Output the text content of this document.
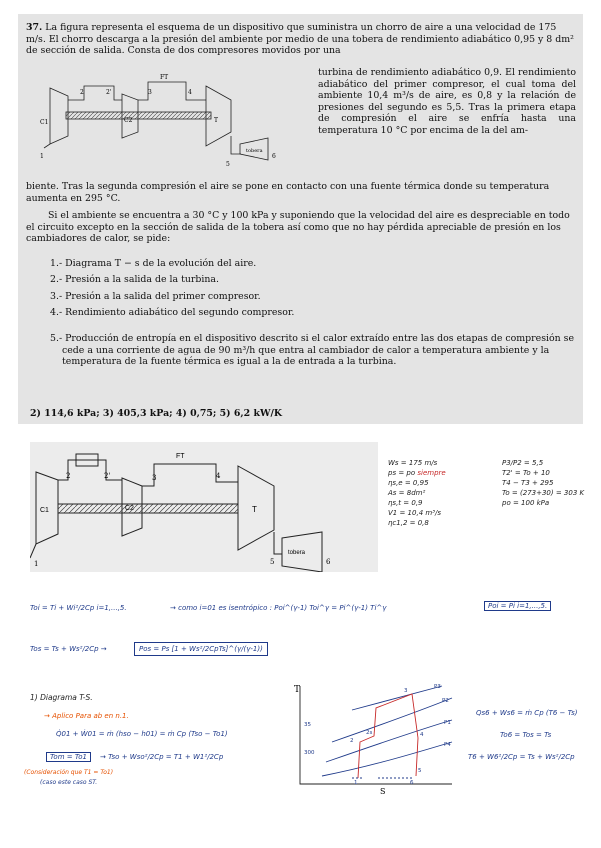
37. La figura representa el esquema de un dispositivo que suministra un chorro de aire a una velocidad de 175 m/s. El chorro descarga a la presión del ambiente por medio de una tobera de rendimiento adiabático 0,95 y 8 dm² de sección de salida. Consta de dos compresores movidos por una
C1	C2	T
FT
tobera
1
2	2'	3	4
5
6
turbina de rendimiento adiabático 0,9. El rendimiento adiabático del primer compresor, el cual toma del ambiente 10,4 m³/s de aire, es 0,8 y la relación de presiones del segundo es 5,5. Tras la primera etapa de compresión el aire se enfría hasta una temperatura 10 °C por encima de la del am-
biente. Tras la segunda compresión el aire se pone en contacto con una fuente térmica donde su temperatura aumenta en 295 °C.
Si el ambiente se encuentra a 30 °C y 100 kPa y suponiendo que la velocidad del aire es despreciable en todo el circuito excepto en la sección de salida de la tobera así como que no hay pérdida apreciable de presión en los cambiadores de calor, se pide:
1.- Diagrama T − s de la evolución del aire.
2.- Presión a la salida de la turbina.
3.- Presión a la salida del primer compresor.
4.- Rendimiento adiabático del segundo compresor.
5.- Producción de entropía en el dispositivo descrito si el calor extraído entre las dos etapas de compresión se cede a una corriente de agua de 90 m³/h que entra al cambiador de calor a temperatura ambiente y la temperatura de la fuente térmica es igual a la de entrada a la turbina.
2) 114,6 kPa; 3) 405,3 kPa; 4) 0,75; 5) 6,2 kW/K
C1	C2	T
FT
tobera
1
2	2'	3	4
5	6
Ws = 175 m/s
ps = po siempre
ηs,e = 0,95
As = 8dm²
ηs,t = 0,9
V1 = 10,4 m³/s
ηc1,2 = 0,8
P3/P2 = 5,5
T2' = To + 10
T4 − T3 + 295
To = (273+30) = 303 K
po = 100 kPa
Toi = Ti + Wi²/2Cp i=1,...,5.	→ como i=01 es isentrópico : Poi^(γ-1) Toi^γ = Pi^(γ-1) Ti^γ	Poi = Pi i=1,...,5.
Tos = Ts + Ws²/2Cp →	Pos = Ps [1 + Ws²/2CpTs]^(γ/(γ-1))
1) Diagrama T-S.
→ Aplico Para ab en n.1.
Q̇01 + Ẇ01 = ṁ (hso − h01) = ṁ Cp (Tso − To1)
Tom = To1	→ Tso + Wso²/2Cp = T1 + W1²/2Cp
(Consideración que T1 = To1)
(caso este caso ST.
Qs6 + Ws6 = ṁ Cp (T6 − Ts)
To6 = Tos = Ts
T6 + W6²/2Cp = Ts + Ws²/2Cp
T
S
P3
P2
P1
P4
3
4
2
2s
1	6
5
35
300
